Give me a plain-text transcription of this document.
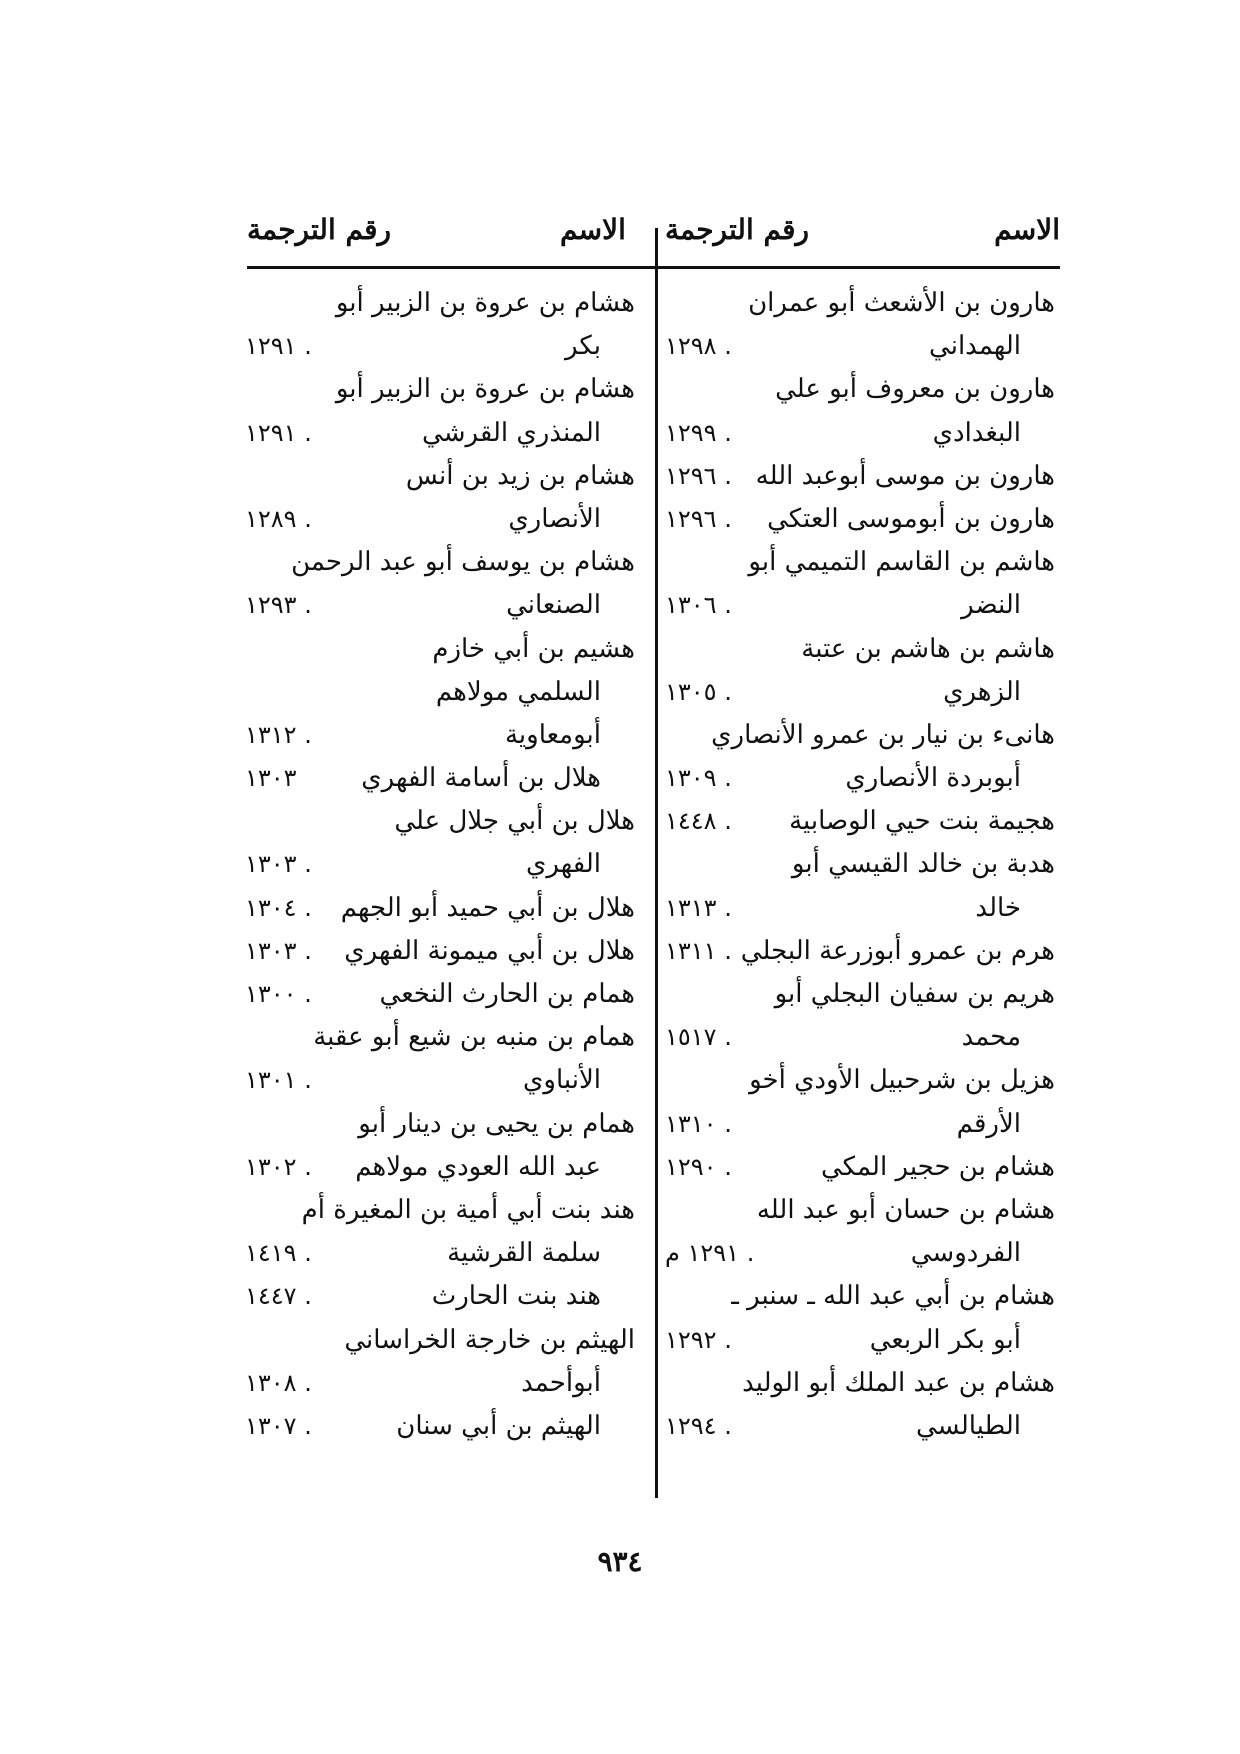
الاسم
رقم الترجمة
الاسم
رقم الترجمة
هارون بن الأشعث أبو عمران
الهمداني
١٢٩٨ .
هارون بن معروف أبو علي
البغدادي
١٢٩٩ .
هارون بن موسى أبوعبد الله
١٢٩٦ .
هارون بن أبوموسى العتكي
١٢٩٦ .
هاشم بن القاسم التميمي أبو
النضر
١٣٠٦ .
هاشم بن هاشم بن عتبة
الزهري
١٣٠٥ .
هانىء بن نيار بن عمرو الأنصاري
أبوبردة الأنصاري
١٣٠٩ .
هجيمة بنت حيي الوصابية
١٤٤٨ .
هدبة بن خالد القيسي أبو
خالد
١٣١٣ .
هرم بن عمرو أبوزرعة البجلي
١٣١١ .
هريم بن سفيان البجلي أبو
محمد
١٥١٧ .
هزيل بن شرحبيل الأودي أخو
الأرقم
١٣١٠ .
هشام بن حجير المكي
١٢٩٠ .
هشام بن حسان أبو عبد الله
الفردوسي
١٢٩١ م .
هشام بن أبي عبد الله ـ سنبر ـ
أبو بكر الربعي
١٢٩٢ .
هشام بن عبد الملك أبو الوليد
الطيالسي
١٢٩٤ .
هشام بن عروة بن الزبير أبو
بكر
١٢٩١ .
هشام بن عروة بن الزبير أبو
المنذري القرشي
١٢٩١ .
هشام بن زيد بن أنس
الأنصاري
١٢٨٩ .
هشام بن يوسف أبو عبد الرحمن
الصنعاني
١٢٩٣ .
هشيم بن أبي خازم
السلمي مولاهم
أبومعاوية
١٣١٢ .
هلال بن أسامة الفهري
١٣٠٣
هلال بن أبي جلال علي
الفهري
١٣٠٣ .
هلال بن أبي حميد أبو الجهم
١٣٠٤ .
هلال بن أبي ميمونة الفهري
١٣٠٣ .
همام بن الحارث النخعي
١٣٠٠ .
همام بن منبه بن شيع أبو عقبة
الأنباوي
١٣٠١ .
همام بن يحيى بن دينار أبو
عبد الله العودي مولاهم
١٣٠٢ .
هند بنت أبي أمية بن المغيرة أم
سلمة القرشية
١٤١٩ .
هند بنت الحارث
١٤٤٧ .
الهيثم بن خارجة الخراساني
أبوأحمد
١٣٠٨ .
الهيثم بن أبي سنان
١٣٠٧ .
٩٣٤
